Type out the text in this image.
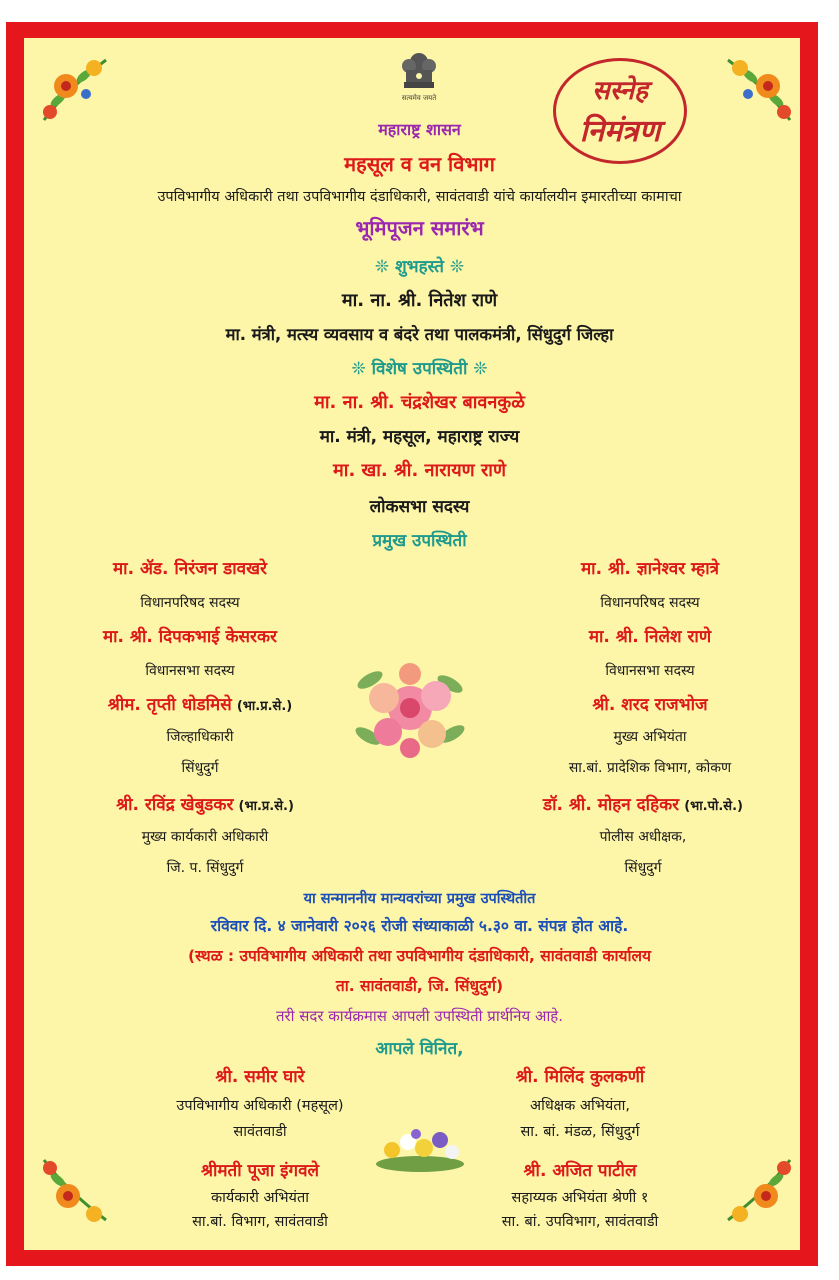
सत्यमेव जयते	सस्नेह
निमंत्रण
महाराष्ट्र शासन
महसूल व वन विभाग
उपविभागीय अधिकारी तथा उपविभागीय दंडाधिकारी, सावंतवाडी यांचे कार्यालयीन इमारतीच्या कामाचा
भूमिपूजन समारंभ
❊ शुभहस्ते ❊
मा. ना. श्री. नितेश राणे
मा. मंत्री, मत्स्य व्यवसाय व बंदरे तथा पालकमंत्री, सिंधुदुर्ग जिल्हा
❊ विशेष उपस्थिती ❊
मा. ना. श्री. चंद्रशेखर बावनकुळे
मा. मंत्री, महसूल, महाराष्ट्र राज्य
मा. खा. श्री. नारायण राणे
लोकसभा सदस्य
प्रमुख उपस्थिती
मा. ॲड. निरंजन डावखरे
विधानपरिषद सदस्य
मा. श्री. दिपकभाई केसरकर
विधानसभा सदस्य
श्रीम. तृप्ती धोडमिसे (भा.प्र.से.)
जिल्हाधिकारी
सिंधुदुर्ग
श्री. रविंद्र खेबुडकर (भा.प्र.से.)
मुख्य कार्यकारी अधिकारी
जि. प. सिंधुदुर्ग
मा. श्री. ज्ञानेश्वर म्हात्रे
विधानपरिषद सदस्य
मा. श्री. निलेश राणे
विधानसभा सदस्य
श्री. शरद राजभोज
मुख्य अभियंता
सा.बां. प्रादेशिक विभाग, कोकण
डॉ. श्री. मोहन दहिकर (भा.पो.से.)
पोलीस अधीक्षक,
सिंधुदुर्ग
या सन्माननीय मान्यवरांच्या प्रमुख उपस्थितीत
रविवार दि. ४ जानेवारी २०२६ रोजी संध्याकाळी ५.३० वा. संपन्न होत आहे.
(स्थळ : उपविभागीय अधिकारी तथा उपविभागीय दंडाधिकारी, सावंतवाडी कार्यालय
ता. सावंतवाडी, जि. सिंधुदुर्ग)
तरी सदर कार्यक्रमास आपली उपस्थिती प्रार्थनिय आहे.
आपले विनित,
श्री. समीर घारे
उपविभागीय अधिकारी (महसूल)
सावंतवाडी
श्री. मिलिंद कुलकर्णी
अधिक्षक अभियंता,
सा. बां. मंडळ, सिंधुदुर्ग
श्रीमती पूजा इंगवले
कार्यकारी अभियंता
सा.बां. विभाग, सावंतवाडी
श्री. अजित पाटील
सहाय्यक अभियंता श्रेणी १
सा. बां. उपविभाग, सावंतवाडी
